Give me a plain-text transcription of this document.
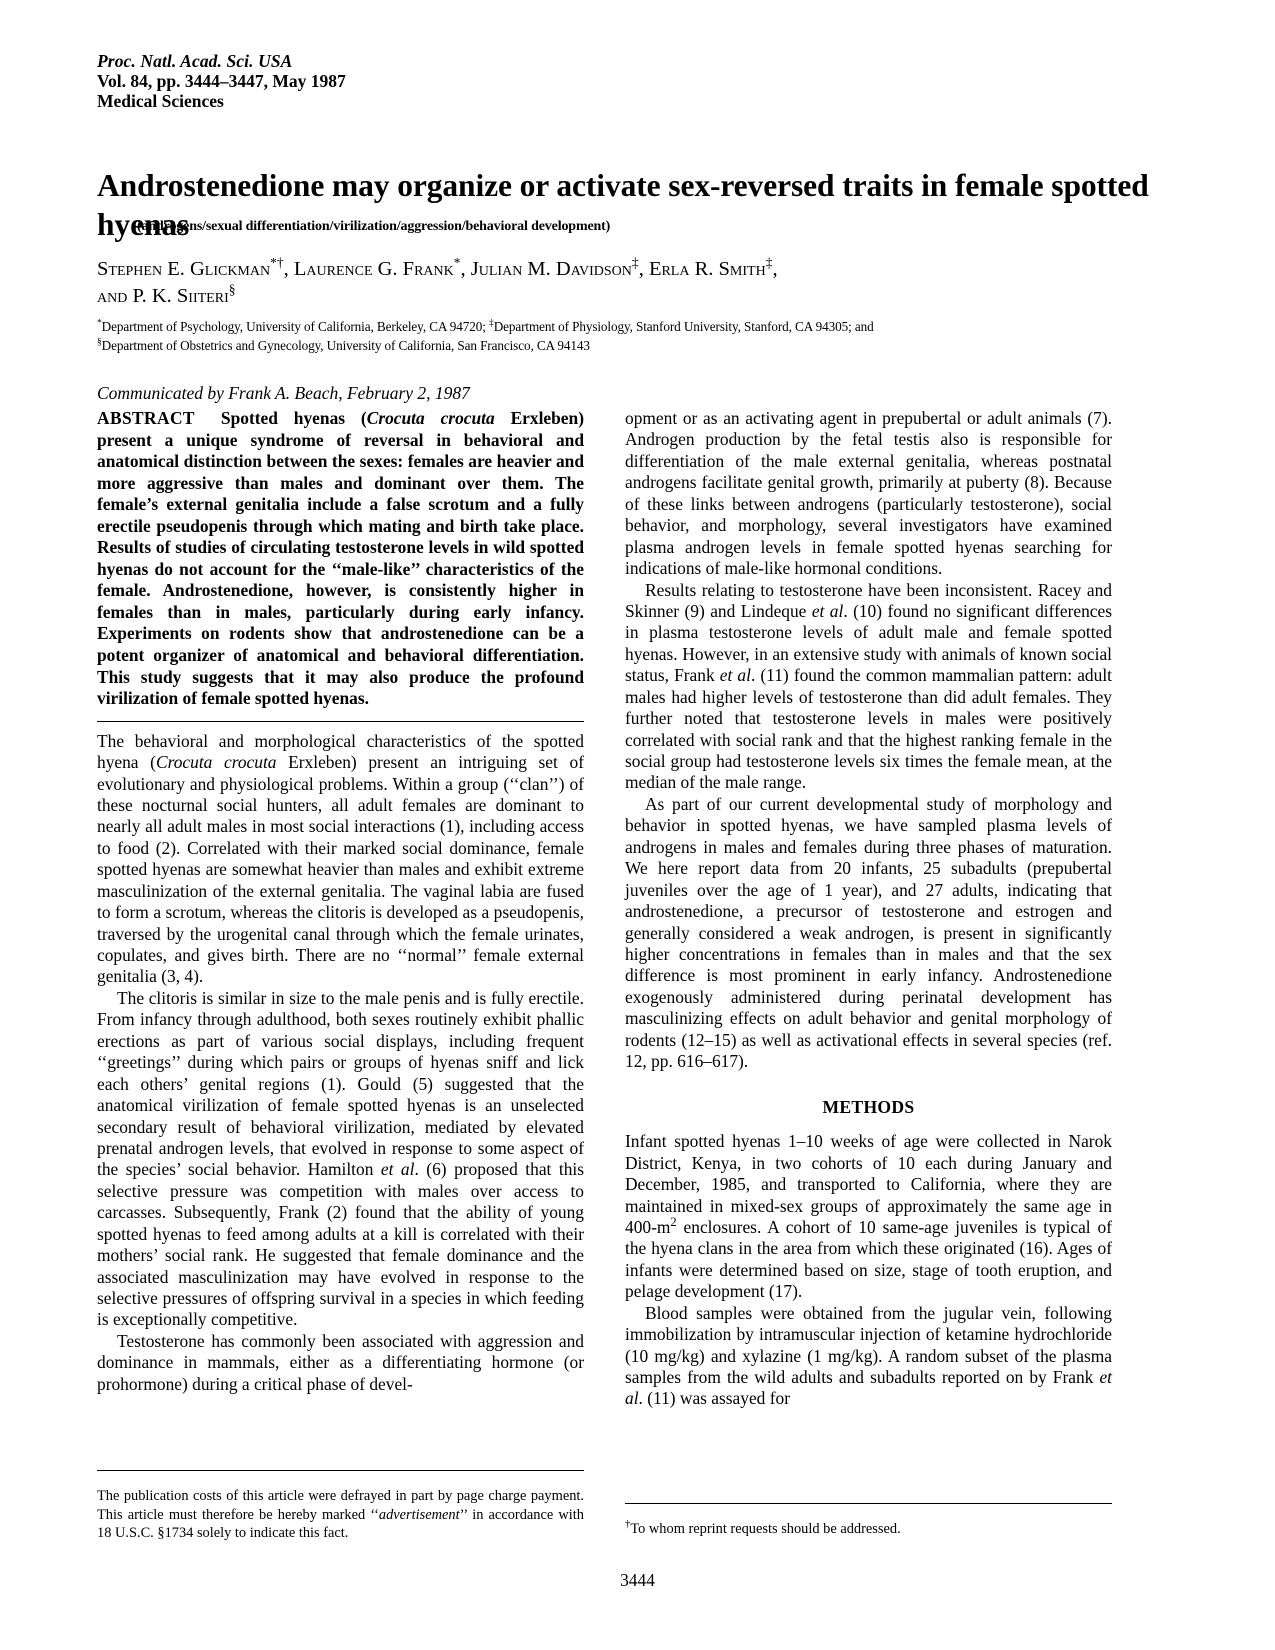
Proc. Natl. Acad. Sci. USA
Vol. 84, pp. 3444–3447, May 1987
Medical Sciences
Androstenedione may organize or activate sex-reversed traits in female spotted hyenas
(androgens/sexual differentiation/virilization/aggression/behavioral development)
Stephen E. Glickman*†, Laurence G. Frank*, Julian M. Davidson‡, Erla R. Smith‡,
and P. K. Siiteri§
*Department of Psychology, University of California, Berkeley, CA 94720; ‡Department of Physiology, Stanford University, Stanford, CA 94305; and
§Department of Obstetrics and Gynecology, University of California, San Francisco, CA 94143
Communicated by Frank A. Beach, February 2, 1987

ABSTRACT Spotted hyenas (Crocuta crocuta Erxleben) present a unique syndrome of reversal in behavioral and anatomical distinction between the sexes: females are heavier and more aggressive than males and dominant over them. The female’s external genitalia include a false scrotum and a fully erectile pseudopenis through which mating and birth take place. Results of studies of circulating testosterone levels in wild spotted hyenas do not account for the ‘‘male-like’’ characteristics of the female. Androstenedione, however, is consistently higher in females than in males, particularly during early infancy. Experiments on rodents show that androstenedione can be a potent organizer of anatomical and behavioral differentiation. This study suggests that it may also produce the profound virilization of female spotted hyenas.

The behavioral and morphological characteristics of the spotted hyena (Crocuta crocuta Erxleben) present an intriguing set of evolutionary and physiological problems. Within a group (‘‘clan’’) of these nocturnal social hunters, all adult females are dominant to nearly all adult males in most social interactions (1), including access to food (2). Correlated with their marked social dominance, female spotted hyenas are somewhat heavier than males and exhibit extreme masculinization of the external genitalia. The vaginal labia are fused to form a scrotum, whereas the clitoris is developed as a pseudopenis, traversed by the urogenital canal through which the female urinates, copulates, and gives birth. There are no ‘‘normal’’ female external genitalia (3, 4).

The clitoris is similar in size to the male penis and is fully erectile. From infancy through adulthood, both sexes routinely exhibit phallic erections as part of various social displays, including frequent ‘‘greetings’’ during which pairs or groups of hyenas sniff and lick each others’ genital regions (1). Gould (5) suggested that the anatomical virilization of female spotted hyenas is an unselected secondary result of behavioral virilization, mediated by elevated prenatal androgen levels, that evolved in response to some aspect of the species’ social behavior. Hamilton et al. (6) proposed that this selective pressure was competition with males over access to carcasses. Subsequently, Frank (2) found that the ability of young spotted hyenas to feed among adults at a kill is correlated with their mothers’ social rank. He suggested that female dominance and the associated masculinization may have evolved in response to the selective pressures of offspring survival in a species in which feeding is exceptionally competitive.

Testosterone has commonly been associated with aggression and dominance in mammals, either as a differentiating hormone (or prohormone) during a critical phase of devel-

opment or as an activating agent in prepubertal or adult animals (7). Androgen production by the fetal testis also is responsible for differentiation of the male external genitalia, whereas postnatal androgens facilitate genital growth, primarily at puberty (8). Because of these links between androgens (particularly testosterone), social behavior, and morphology, several investigators have examined plasma androgen levels in female spotted hyenas searching for indications of male-like hormonal conditions.

Results relating to testosterone have been inconsistent. Racey and Skinner (9) and Lindeque et al. (10) found no significant differences in plasma testosterone levels of adult male and female spotted hyenas. However, in an extensive study with animals of known social status, Frank et al. (11) found the common mammalian pattern: adult males had higher levels of testosterone than did adult females. They further noted that testosterone levels in males were positively correlated with social rank and that the highest ranking female in the social group had testosterone levels six times the female mean, at the median of the male range.

As part of our current developmental study of morphology and behavior in spotted hyenas, we have sampled plasma levels of androgens in males and females during three phases of maturation. We here report data from 20 infants, 25 subadults (prepubertal juveniles over the age of 1 year), and 27 adults, indicating that androstenedione, a precursor of testosterone and estrogen and generally considered a weak androgen, is present in significantly higher concentrations in females than in males and that the sex difference is most prominent in early infancy. Androstenedione exogenously administered during perinatal development has masculinizing effects on adult behavior and genital morphology of rodents (12–15) as well as activational effects in several species (ref. 12, pp. 616–617).

METHODS

Infant spotted hyenas 1–10 weeks of age were collected in Narok District, Kenya, in two cohorts of 10 each during January and December, 1985, and transported to California, where they are maintained in mixed-sex groups of approximately the same age in 400-m$^2$ enclosures. A cohort of 10 same-age juveniles is typical of the hyena clans in the area from which these originated (16). Ages of infants were determined based on size, stage of tooth eruption, and pelage development (17).

Blood samples were obtained from the jugular vein, following immobilization by intramuscular injection of ketamine hydrochloride (10 mg/kg) and xylazine (1 mg/kg). A random subset of the plasma samples from the wild adults and subadults reported on by Frank et al. (11) was assayed for

The publication costs of this article were defrayed in part by page charge payment. This article must therefore be hereby marked ‘‘advertisement’’ in accordance with 18 U.S.C. §1734 solely to indicate this fact.
†To whom reprint requests should be addressed.
3444
